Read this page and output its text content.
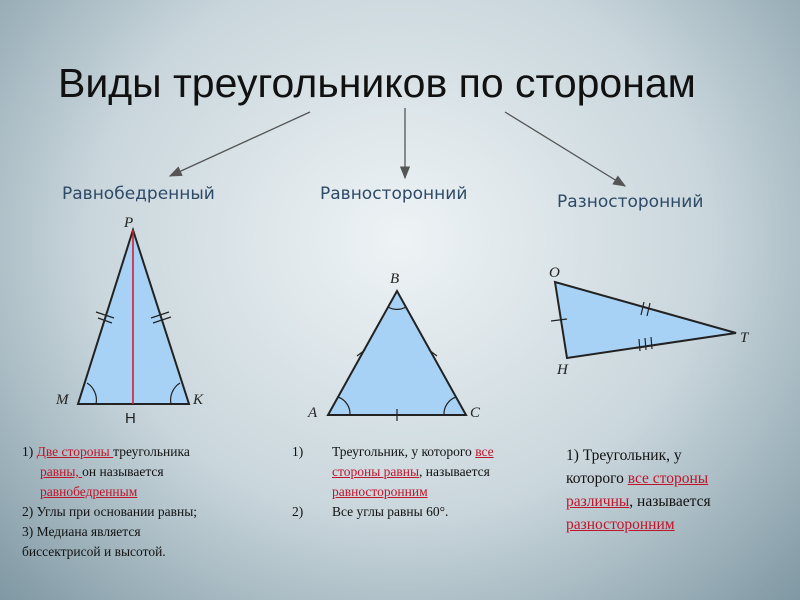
Виды треугольников по сторонам
Равнобедренный	Равносторонний	Разносторонний
P
M	K
H
B
A	C
O
H
T

1) Две стороны треугольника

равны, он называется

равнобедренным

2) Углы при основании равны;

3) Медиана является

биссектрисой и высотой.

1) Треугольник, у которого все

стороны равны, называется

равносторонним

2) Все углы равны 60°.

1) Треугольник, у

которого все стороны

различны, называется

разносторонним
